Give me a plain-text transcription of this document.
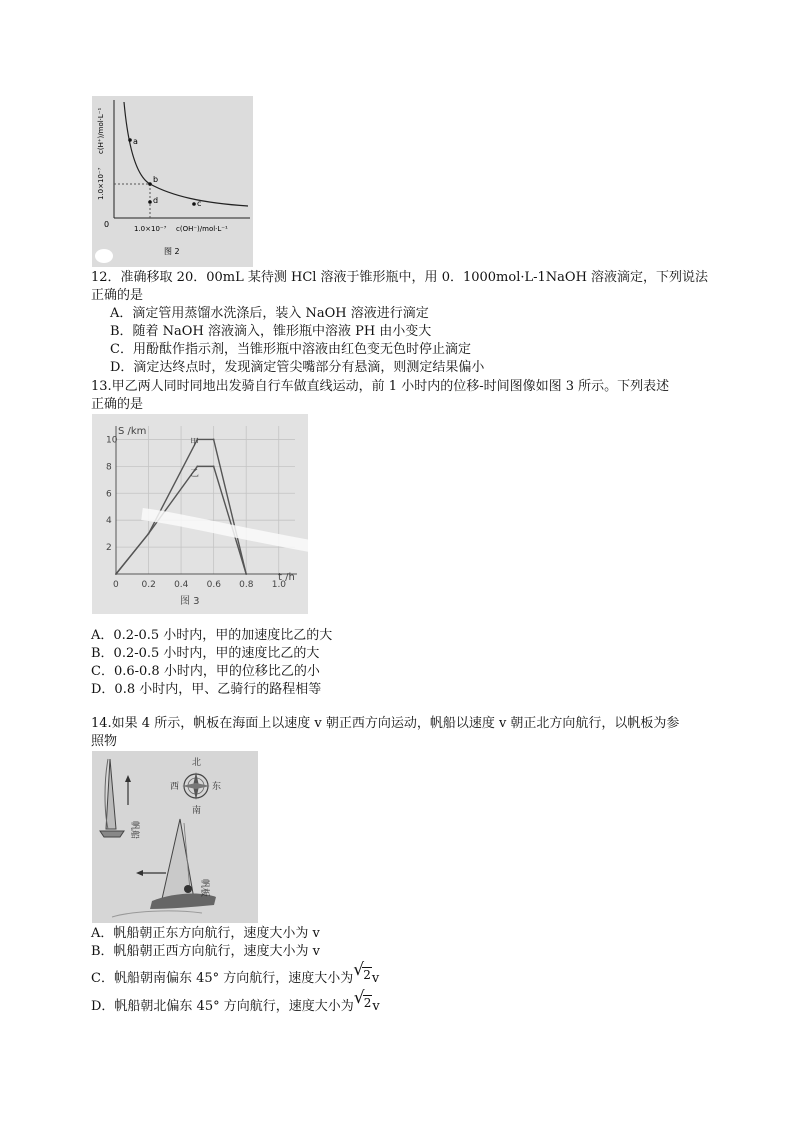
a
b
c
d
c(H⁺)/mol·L⁻¹
1.0×10⁻⁷
0	1.0×10⁻⁷ c(OH⁻)/mol·L⁻¹
图 2
12．准确移取 20．00mL 某待测 HCl 溶液于锥形瓶中，用 0．1000mol·L-1NaOH 溶液滴定，下列说法
正确的是
A．滴定管用蒸馏水洗涤后，装入 NaOH 溶液进行滴定
B．随着 NaOH 溶液滴入，锥形瓶中溶液 PH 由小变大
C．用酚酞作指示剂，当锥形瓶中溶液由红色变无色时停止滴定
D．滴定达终点时，发现滴定管尖嘴部分有悬滴，则测定结果偏小
13.甲乙两人同时同地出发骑自行车做直线运动，前 1 小时内的位移-时间图像如图 3 所示。下列表述
正确的是
2
4
6
8
10
0	0.2 0.4 0.6 0.8 1.0
S /km
t /h
甲
乙
图 3
A．0.2-0.5 小时内，甲的加速度比乙的大
B．0.2-0.5 小时内，甲的速度比乙的大
C．0.6-0.8 小时内，甲的位移比乙的小
D．0.8 小时内，甲、乙骑行的路程相等
14.如果 4 所示，帆板在海面上以速度 v 朝正西方向运动，帆船以速度 v 朝正北方向航行，以帆板为参
照物
北
南
西	东
帆船
帆板
A．帆船朝正东方向航行，速度大小为 v
B．帆船朝正西方向航行，速度大小为 v
C．帆船朝南偏东 45° 方向航行，速度大小为 √ 2v
D．帆船朝北偏东 45° 方向航行，速度大小为 √ 2v
